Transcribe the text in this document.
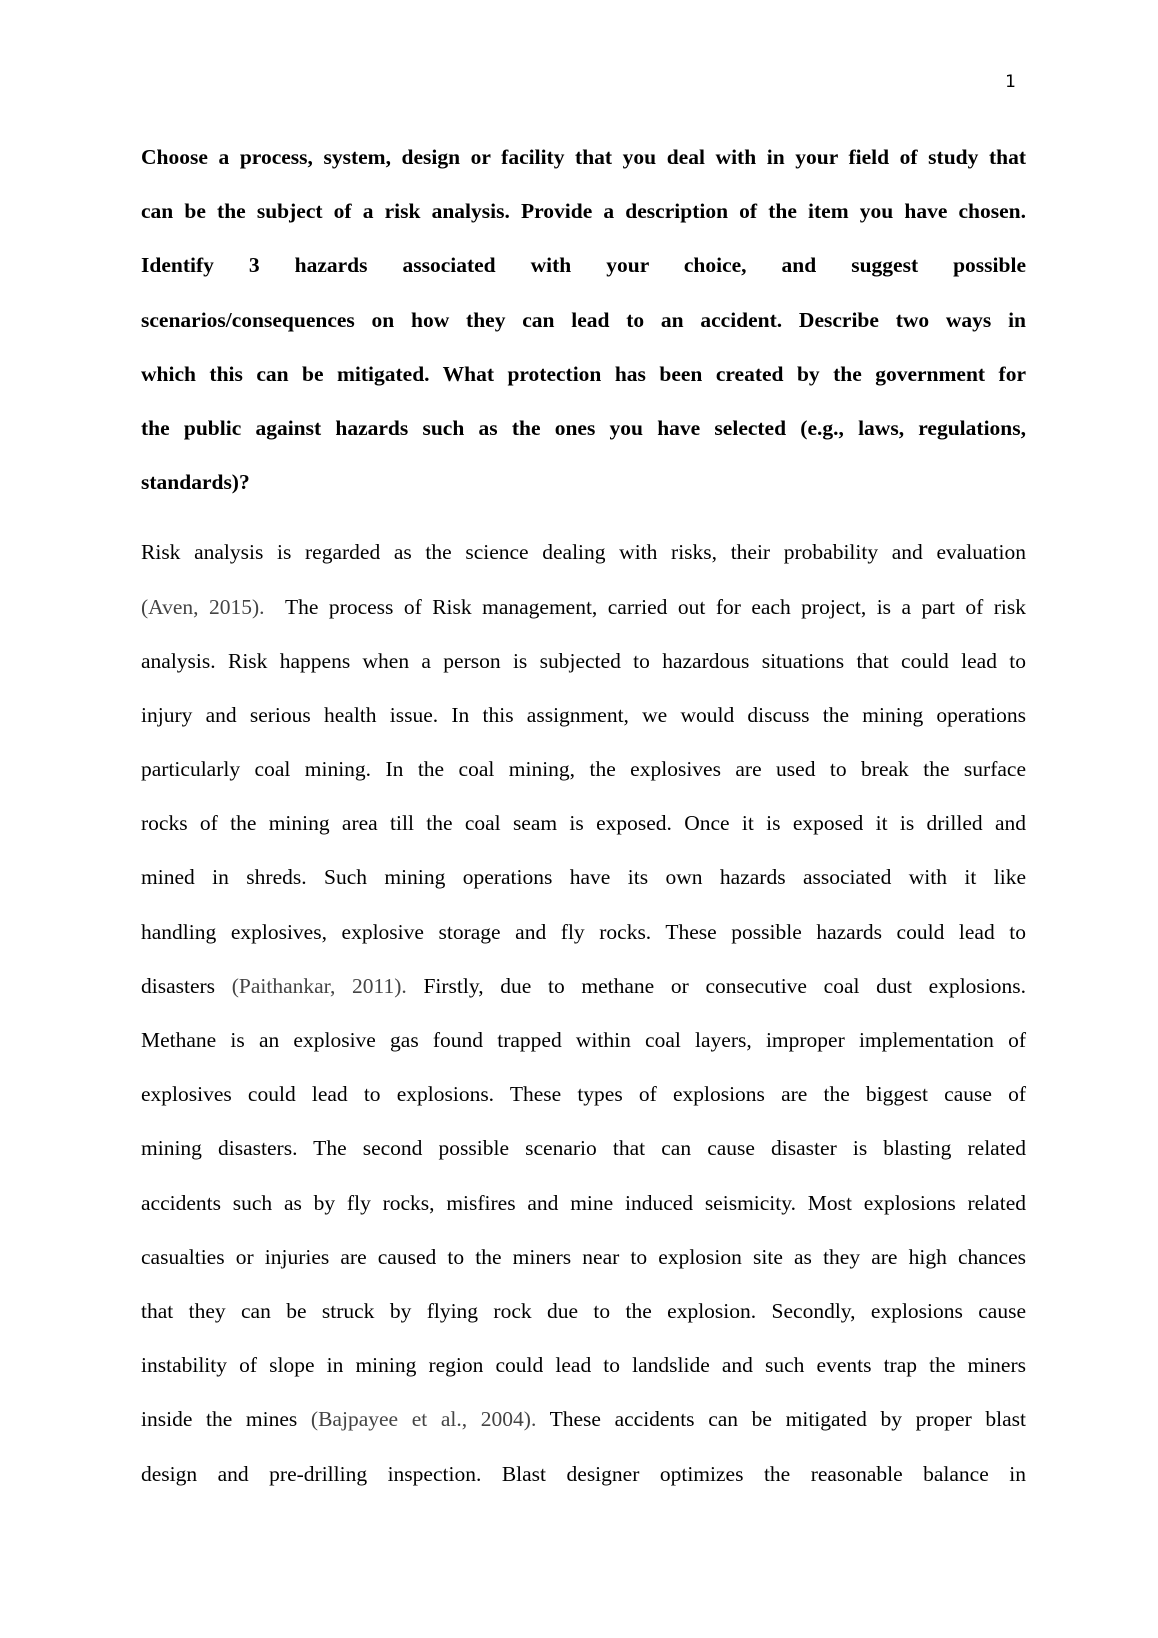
1
Choose a process, system, design or facility that you deal with in your field of study that
can be the subject of a risk analysis. Provide a description of the item you have chosen.
Identify 3 hazards associated with your choice, and suggest possible
scenarios/consequences on how they can lead to an accident. Describe two ways in
which this can be mitigated. What protection has been created by the government for
the public against hazards such as the ones you have selected (e.g., laws, regulations,
standards)?
Risk analysis is regarded as the science dealing with risks, their probability and evaluation
(Aven, 2015).  The process of Risk management, carried out for each project, is a part of risk
analysis. Risk happens when a person is subjected to hazardous situations that could lead to
injury and serious health issue. In this assignment, we would discuss the mining operations
particularly coal mining. In the coal mining, the explosives are used to break the surface
rocks of the mining area till the coal seam is exposed. Once it is exposed it is drilled and
mined in shreds. Such mining operations have its own hazards associated with it like
handling explosives, explosive storage and fly rocks. These possible hazards could lead to
disasters (Paithankar, 2011). Firstly, due to methane or consecutive coal dust explosions.
Methane is an explosive gas found trapped within coal layers, improper implementation of
explosives could lead to explosions. These types of explosions are the biggest cause of
mining disasters. The second possible scenario that can cause disaster is blasting related
accidents such as by fly rocks, misfires and mine induced seismicity. Most explosions related
casualties or injuries are caused to the miners near to explosion site as they are high chances
that they can be struck by flying rock due to the explosion. Secondly, explosions cause
instability of slope in mining region could lead to landslide and such events trap the miners
inside the mines (Bajpayee et al., 2004). These accidents can be mitigated by proper blast
design and pre-drilling inspection. Blast designer optimizes the reasonable balance in
